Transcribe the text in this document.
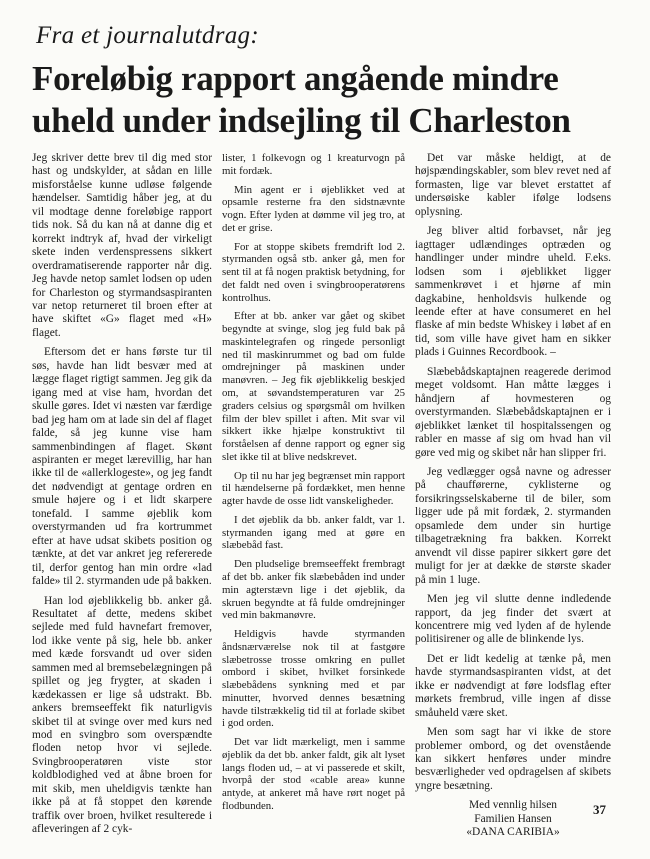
Fra et journalutdrag:
Foreløbig rapport angående mindre uheld under indsejling til Charleston

Jeg skriver dette brev til dig med stor hast og undskylder, at sådan en lille misforståelse kunne udløse følgende hændelser. Samtidig håber jeg, at du vil modtage denne foreløbige rapport tids nok. Så du kan nå at danne dig et korrekt indtryk af, hvad der virkeligt skete inden verdenspressens sikkert overdramatiserende rapporter når dig. Jeg havde netop samlet lodsen op uden for Charleston og styrmandsaspiranten var netop returneret til broen efter at have skiftet «G» flaget med «H» flaget.

Eftersom det er hans første tur til søs, havde han lidt besvær med at lægge flaget rigtigt sammen. Jeg gik da igang med at vise ham, hvordan det skulle gøres. Idet vi næsten var færdige bad jeg ham om at lade sin del af flaget falde, så jeg kunne vise ham sammenbindingen af flaget. Skønt aspiranten er meget lærevillig, har han ikke til de «allerklogeste», og jeg fandt det nødvendigt at gentage ordren en smule højere og i et lidt skarpere tonefald. I samme øjeblik kom overstyrmanden ud fra kortrummet efter at have udsat skibets position og tænkte, at det var ankret jeg refererede til, derfor gentog han min ordre «lad falde» til 2. styrmanden ude på bakken.

Han lod øjeblikkelig bb. anker gå. Resultatet af dette, medens skibet sejlede med fuld havnefart fremover, lod ikke vente på sig, hele bb. anker med kæde forsvandt ud over siden sammen med al bremsebelægningen på spillet og jeg frygter, at skaden i kædekassen er lige så udstrakt. Bb. ankers bremseeffekt fik naturligvis skibet til at svinge over med kurs ned mod en svingbro som overspændte floden netop hvor vi sejlede. Svingbrooperatøren viste stor koldblodighed ved at åbne broen for mit skib, men uheldigvis tænkte han ikke på at få stoppet den kørende traffik over broen, hvilket resulterede i afleveringen af 2 cyk-

lister, 1 folkevogn og 1 kreaturvogn på mit fordæk.

Min agent er i øjeblikket ved at opsamle resterne fra den sidstnævnte vogn. Efter lyden at dømme vil jeg tro, at det er grise.

For at stoppe skibets fremdrift lod 2. styrmanden også stb. anker gå, men for sent til at få nogen praktisk betydning, for det faldt ned oven i svingbrooperatørens kontrolhus.

Efter at bb. anker var gået og skibet begyndte at svinge, slog jeg fuld bak på maskintelegrafen og ringede personligt ned til maskinrummet og bad om fulde omdrejninger på maskinen under manøvren. – Jeg fik øjeblikkelig beskjed om, at søvandstemperaturen var 25 graders celsius og spørgsmål om hvilken film der blev spillet i aften. Mit svar vil sikkert ikke hjælpe konstruktivt til forståelsen af denne rapport og egner sig slet ikke til at blive nedskrevet.

Op til nu har jeg begrænset min rapport til hændelserne på fordækket, men henne agter havde de osse lidt vanskeligheder.

I det øjeblik da bb. anker faldt, var 1. styrmanden igang med at gøre en slæbebåd fast.

Den pludselige bremseeffekt frembragt af det bb. anker fik slæbebåden ind under min agterstævn lige i det øjeblik, da skruen begyndte at få fulde omdrejninger ved min bakmanøvre.

Heldigvis havde styrmanden åndsnærværelse nok til at fastgøre slæbetrosse trosse omkring en pullet ombord i skibet, hvilket forsinkede slæbebådens synkning med et par minutter, hvorved dennes besætning havde tilstrækkelig tid til at forlade skibet i god orden.

Det var lidt mærkeligt, men i samme øjeblik da det bb. anker faldt, gik alt lyset langs floden ud, – at vi passerede et skilt, hvorpå der stod «cable area» kunne antyde, at ankeret må have rørt noget på flodbunden.

Det var måske heldigt, at de højspændingskabler, som blev revet ned af formasten, lige var blevet erstattet af undersøiske kabler ifølge lodsens oplysning.

Jeg bliver altid forbavset, når jeg iagttager udlændinges optræden og handlinger under mindre uheld. F.eks. lodsen som i øjeblikket ligger sammenkrøvet i et hjørne af min dagkabine, henholdsvis hulkende og leende efter at have consumeret en hel flaske af min bedste Whiskey i løbet af en tid, som ville have givet ham en sikker plads i Guinnes Recordbook. –

Slæbebådskaptajnen reagerede derimod meget voldsomt. Han måtte lægges i håndjern af hovmesteren og overstyrmanden. Slæbebådskaptajnen er i øjeblikket lænket til hospitalssengen og rabler en masse af sig om hvad han vil gøre ved mig og skibet når han slipper fri.

Jeg vedlægger også navne og adresser på chaufførerne, cyklisterne og forsikringsselskaberne til de biler, som ligger ude på mit fordæk, 2. styrmanden opsamlede dem under sin hurtige tilbagetrækning fra bakken. Korrekt anvendt vil disse papirer sikkert gøre det muligt for jer at dække de største skader på min 1 luge.

Men jeg vil slutte denne indledende rapport, da jeg finder det svært at koncentrere mig ved lyden af de hylende politisirener og alle de blinkende lys.

Det er lidt kedelig at tænke på, men havde styrmandsaspiranten vidst, at det ikke er nødvendigt at føre lodsflag efter mørkets frembrud, ville ingen af disse småuheld være sket.

Men som sagt har vi ikke de store problemer ombord, og det ovenstående kan sikkert henføres under mindre besværligheder ved opdragelsen af skibets yngre besætning.

Med vennlig hilsen

Familien Hansen

«DANA CARIBIA»

37
